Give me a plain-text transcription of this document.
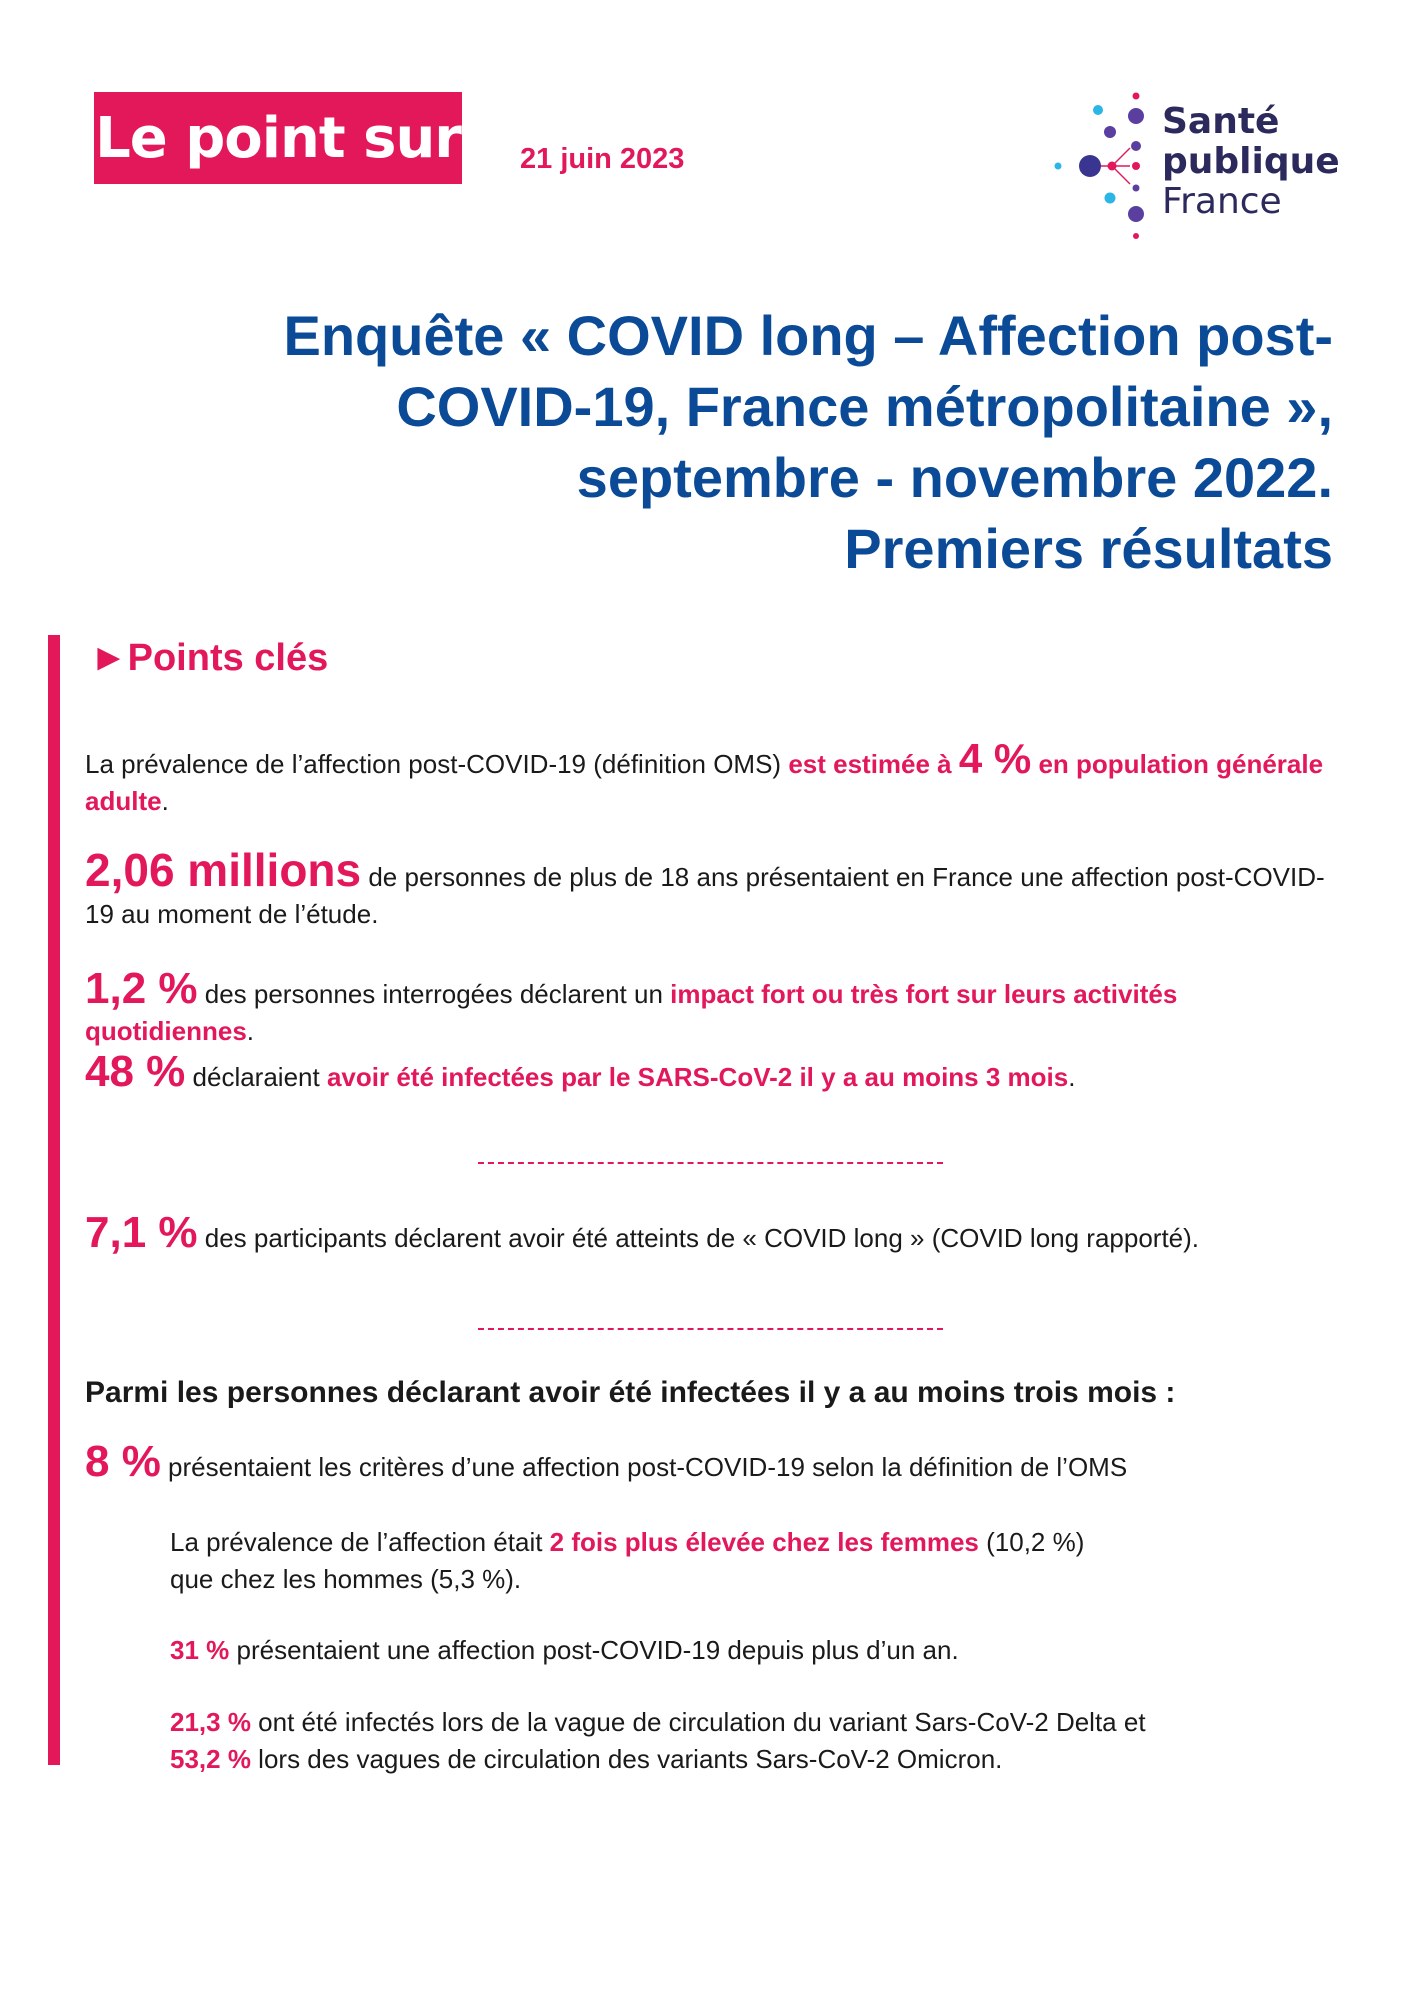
Le point sur 21 juin 2023
Santé
publique
France
Enquête « COVID long – Affection post-
COVID-19, France métropolitaine »,
septembre - novembre 2022.
Premiers résultats
►Points clés
La prévalence de l’affection post-COVID-19 (définition OMS) est estimée à 4 % en population générale adulte.
2,06 millions de personnes de plus de 18 ans présentaient en France une affection post-COVID-19 au moment de l’étude.
1,2 % des personnes interrogées déclarent un impact fort ou très fort sur leurs activités quotidiennes.
48 % déclaraient avoir été infectées par le SARS-CoV-2 il y a au moins 3 mois.
7,1 % des participants déclarent avoir été atteints de « COVID long » (COVID long rapporté).
Parmi les personnes déclarant avoir été infectées il y a au moins trois mois :
8 % présentaient les critères d’une affection post-COVID-19 selon la définition de l’OMS
La prévalence de l’affection était 2 fois plus élevée chez les femmes (10,2 %) que chez les hommes (5,3 %).
31 % présentaient une affection post-COVID-19 depuis plus d’un an.
21,3 % ont été infectés lors de la vague de circulation du variant Sars-CoV-2 Delta et
53,2 % lors des vagues de circulation des variants Sars-CoV-2 Omicron.
